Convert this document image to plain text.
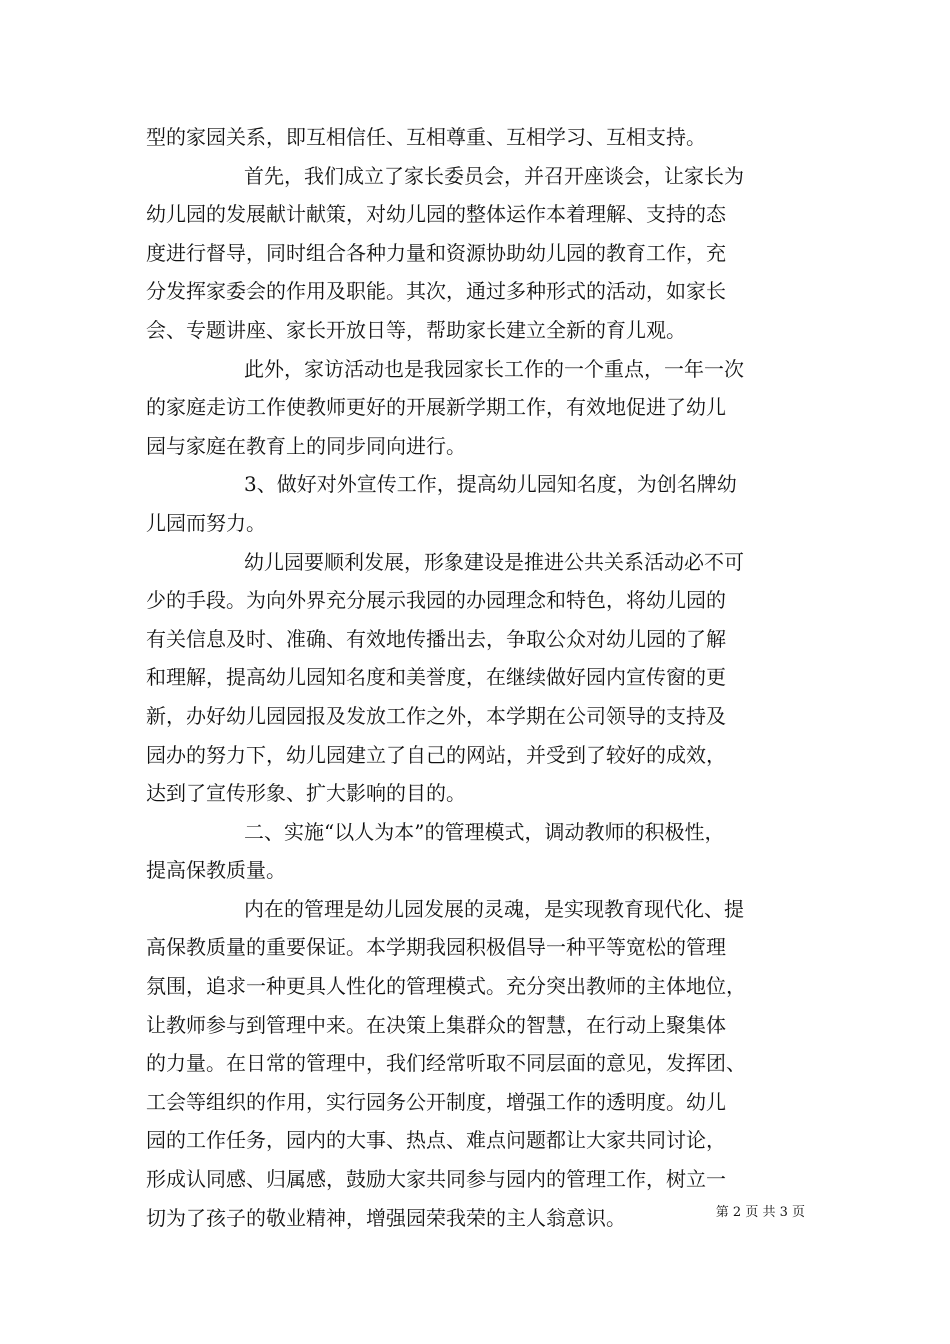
型的家园关系，即互相信任、互相尊重、互相学习、互相支持。
首先，我们成立了家长委员会，并召开座谈会，让家长为
幼儿园的发展献计献策，对幼儿园的整体运作本着理解、支持的态
度进行督导，同时组合各种力量和资源协助幼儿园的教育工作，充
分发挥家委会的作用及职能。其次，通过多种形式的活动，如家长
会、专题讲座、家长开放日等，帮助家长建立全新的育儿观。
此外，家访活动也是我园家长工作的一个重点，一年一次
的家庭走访工作使教师更好的开展新学期工作，有效地促进了幼儿
园与家庭在教育上的同步同向进行。
3、做好对外宣传工作，提高幼儿园知名度，为创名牌幼
儿园而努力。
幼儿园要顺利发展，形象建设是推进公共关系活动必不可
少的手段。为向外界充分展示我园的办园理念和特色，将幼儿园的
有关信息及时、准确、有效地传播出去，争取公众对幼儿园的了解
和理解，提高幼儿园知名度和美誉度，在继续做好园内宣传窗的更
新，办好幼儿园园报及发放工作之外，本学期在公司领导的支持及
园办的努力下，幼儿园建立了自己的网站，并受到了较好的成效，
达到了宣传形象、扩大影响的目的。
二、实施“以人为本”的管理模式，调动教师的积极性，
提高保教质量。
内在的管理是幼儿园发展的灵魂，是实现教育现代化、提
高保教质量的重要保证。本学期我园积极倡导一种平等宽松的管理
氛围，追求一种更具人性化的管理模式。充分突出教师的主体地位，
让教师参与到管理中来。在决策上集群众的智慧，在行动上聚集体
的力量。在日常的管理中，我们经常听取不同层面的意见，发挥团、
工会等组织的作用，实行园务公开制度，增强工作的透明度。幼儿
园的工作任务，园内的大事、热点、难点问题都让大家共同讨论，
形成认同感、归属感，鼓励大家共同参与园内的管理工作，树立一
切为了孩子的敬业精神，增强园荣我荣的主人翁意识。	第 2 页 共 3 页
